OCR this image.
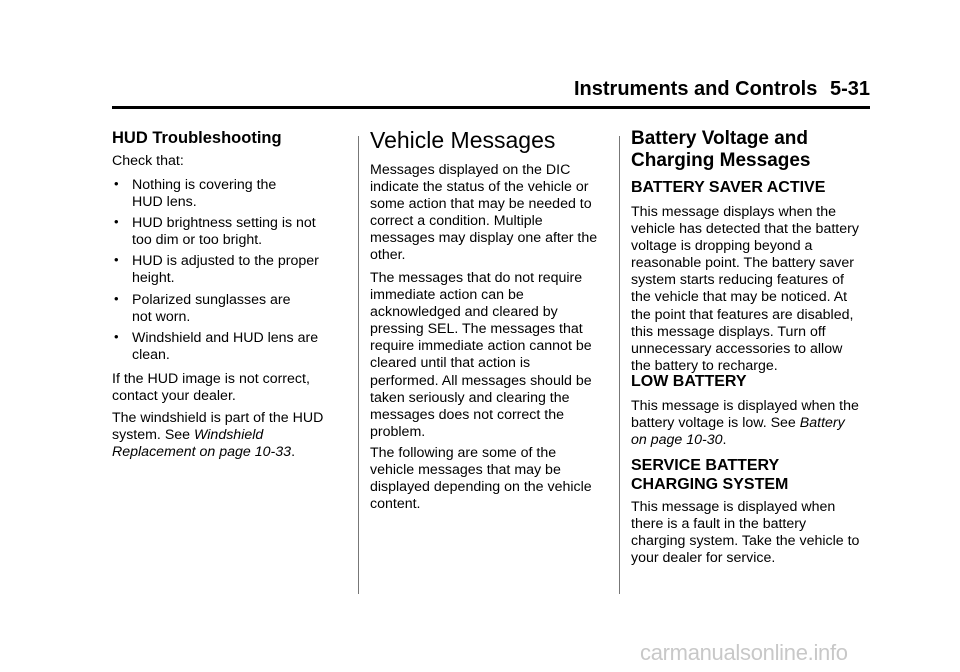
Instruments and Controls 5-31
HUD Troubleshooting

Check that:

• Nothing is covering the

HUD lens.

• HUD brightness setting is not

too dim or too bright.

• HUD is adjusted to the proper

height.

• Polarized sunglasses are

not worn.

• Windshield and HUD lens are

clean.

If the HUD image is not correct,

contact your dealer.

The windshield is part of the HUD

system. See Windshield

Replacement on page 10-33.

Vehicle Messages

Messages displayed on the DIC

indicate the status of the vehicle or

some action that may be needed to

correct a condition. Multiple

messages may display one after the

other.

The messages that do not require

immediate action can be

acknowledged and cleared by

pressing SEL. The messages that

require immediate action cannot be

cleared until that action is

performed. All messages should be

taken seriously and clearing the

messages does not correct the

problem.

The following are some of the

vehicle messages that may be

displayed depending on the vehicle

content.

Battery Voltage and
Charging Messages
BATTERY SAVER ACTIVE

This message displays when the

vehicle has detected that the battery

voltage is dropping beyond a

reasonable point. The battery saver

system starts reducing features of

the vehicle that may be noticed. At

the point that features are disabled,

this message displays. Turn off

unnecessary accessories to allow

the battery to recharge.

LOW BATTERY

This message is displayed when the

battery voltage is low. See Battery

on page 10-30.

SERVICE BATTERY
CHARGING SYSTEM

This message is displayed when

there is a fault in the battery

charging system. Take the vehicle to

your dealer for service.

carmanualsonline.info
